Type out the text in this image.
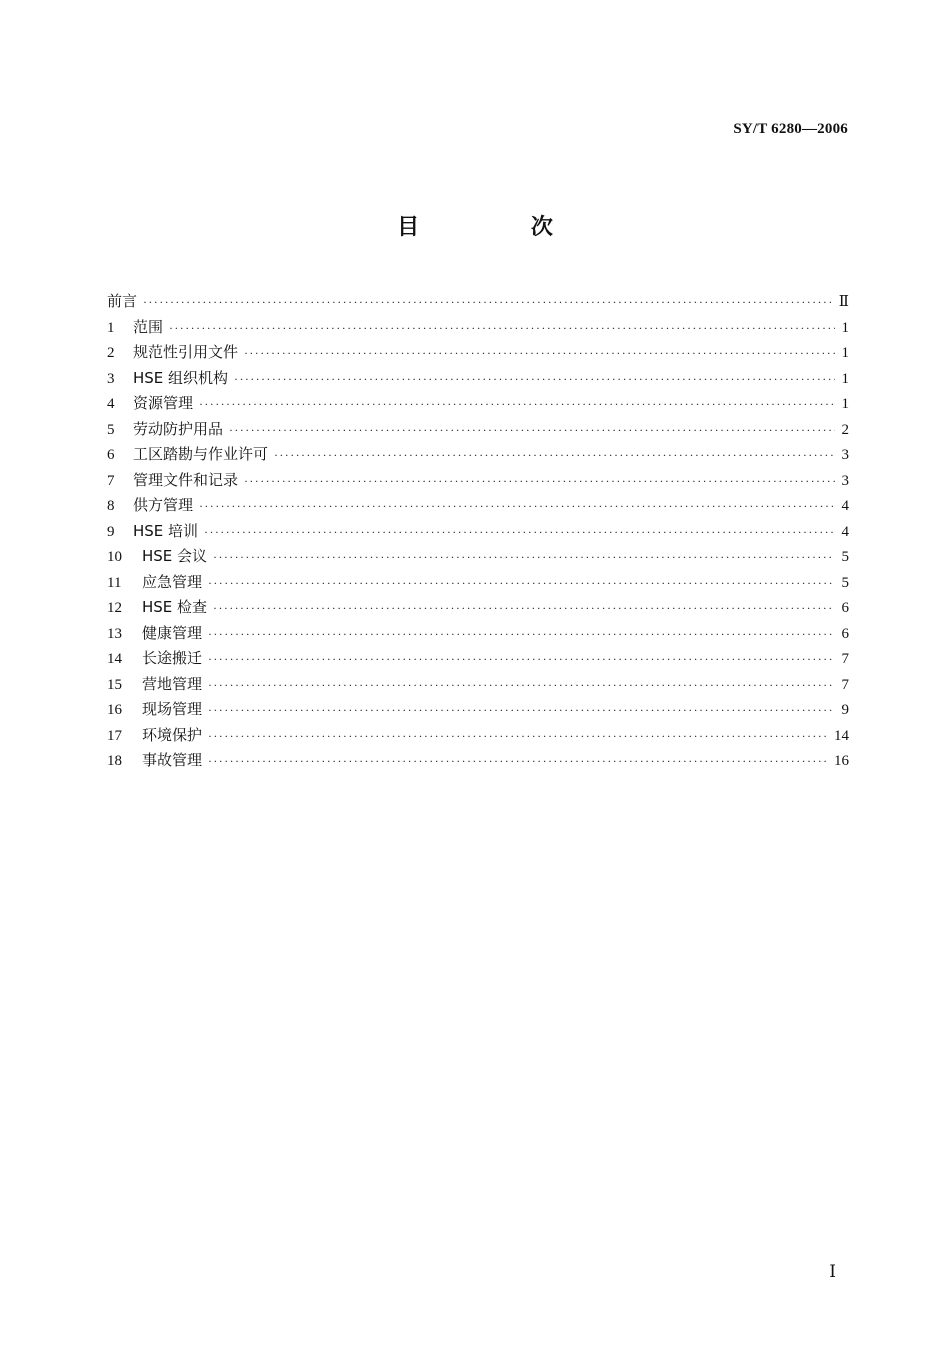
SY/T 6280—2006
目 次
前言 ·····	Ⅱ
1	范围 ·····	1
2	规范性引用文件 ·····	1
3	HSE 组织机构 ·····	1
4	资源管理 ·····	1
5	劳动防护用品 ·····	2
6	工区踏勘与作业许可 ·····	3
7	管理文件和记录 ·····	3
8	供方管理 ·····	4
9	HSE 培训 ·····	4
10	HSE 会议 ·····	5
11	应急管理 ·····	5
12	HSE 检查 ·····	6
13	健康管理 ·····	6
14	长途搬迁 ·····	7
15	营地管理 ·····	7
16	现场管理 ·····	9
17	环境保护 ·····	14
18	事故管理 ·····	16
Ⅰ
